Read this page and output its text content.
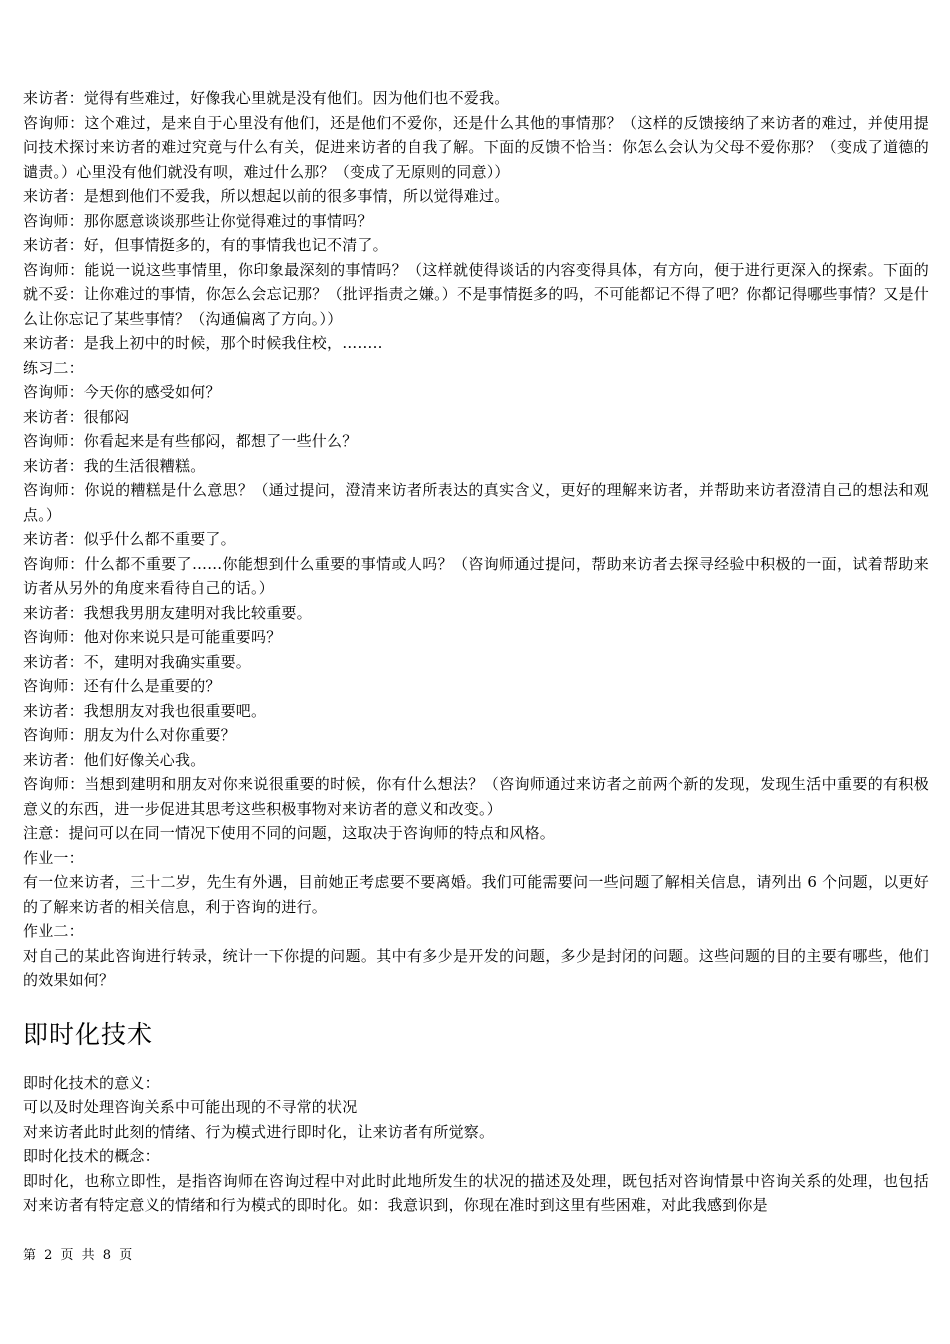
来访者：觉得有些难过，好像我心里就是没有他们。因为他们也不爱我。

咨询师：这个难过，是来自于心里没有他们，还是他们不爱你，还是什么其他的事情那？（这样的反馈接纳了来访者的难过，并使用提问技术探讨来访者的难过究竟与什么有关，促进来访者的自我了解。下面的反馈不恰当：你怎么会认为父母不爱你那？（变成了道德的谴责。）心里没有他们就没有呗，难过什么那？（变成了无原则的同意））

来访者：是想到他们不爱我，所以想起以前的很多事情，所以觉得难过。

咨询师：那你愿意谈谈那些让你觉得难过的事情吗？

来访者：好，但事情挺多的，有的事情我也记不清了。

咨询师：能说一说这些事情里，你印象最深刻的事情吗？（这样就使得谈话的内容变得具体，有方向，便于进行更深入的探索。下面的就不妥：让你难过的事情，你怎么会忘记那？（批评指责之嫌。）不是事情挺多的吗，不可能都记不得了吧？你都记得哪些事情？又是什么让你忘记了某些事情？（沟通偏离了方向。））

来访者：是我上初中的时候，那个时候我住校，……..

练习二：

咨询师：今天你的感受如何？

来访者：很郁闷

咨询师：你看起来是有些郁闷，都想了一些什么？

来访者：我的生活很糟糕。

咨询师：你说的糟糕是什么意思？（通过提问，澄清来访者所表达的真实含义，更好的理解来访者，并帮助来访者澄清自己的想法和观点。）

来访者：似乎什么都不重要了。

咨询师：什么都不重要了……你能想到什么重要的事情或人吗？（咨询师通过提问，帮助来访者去探寻经验中积极的一面，试着帮助来访者从另外的角度来看待自己的话。）

来访者：我想我男朋友建明对我比较重要。

咨询师：他对你来说只是可能重要吗？

来访者：不，建明对我确实重要。

咨询师：还有什么是重要的？

来访者：我想朋友对我也很重要吧。

咨询师：朋友为什么对你重要？

来访者：他们好像关心我。

咨询师：当想到建明和朋友对你来说很重要的时候，你有什么想法？（咨询师通过来访者之前两个新的发现，发现生活中重要的有积极意义的东西，进一步促进其思考这些积极事物对来访者的意义和改变。）

注意：提问可以在同一情况下使用不同的问题，这取决于咨询师的特点和风格。

作业一：

有一位来访者，三十二岁，先生有外遇，目前她正考虑要不要离婚。我们可能需要问一些问题了解相关信息，请列出 6 个问题，以更好的了解来访者的相关信息，利于咨询的进行。

作业二：

对自己的某此咨询进行转录，统计一下你提的问题。其中有多少是开发的问题，多少是封闭的问题。这些问题的目的主要有哪些，他们的效果如何？

即时化技术

即时化技术的意义：

可以及时处理咨询关系中可能出现的不寻常的状况

对来访者此时此刻的情绪、行为模式进行即时化，让来访者有所觉察。

即时化技术的概念：

即时化，也称立即性，是指咨询师在咨询过程中对此时此地所发生的状况的描述及处理，既包括对咨询情景中咨询关系的处理，也包括对来访者有特定意义的情绪和行为模式的即时化。如：我意识到，你现在准时到这里有些困难，对此我感到你是

第 2 页 共 8 页
